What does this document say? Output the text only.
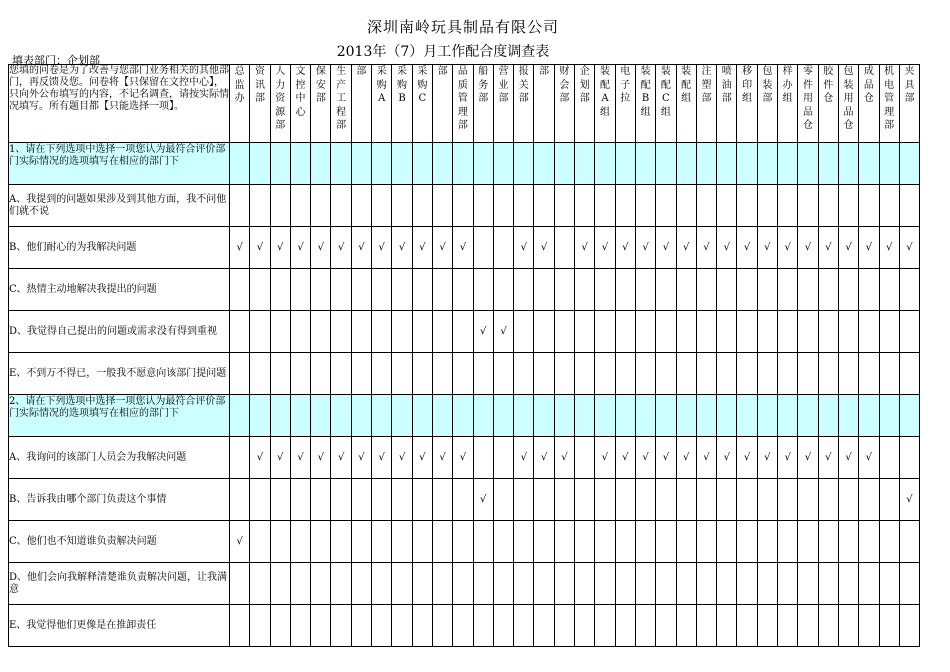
深圳南岭玩具制品有限公司
2013年（7）月工作配合度调查表
填表部门：企划部
您填的问卷是为了改善与您部门业务相关的其他部门，再反馈及您。问卷将【只保留在文控中心】，只向外公布填写的内容，不记名调查，请按实际情况填写。所有题目都【只能选择一项】。	总监办	资讯部	人力资源部	文控中心	保安部	生产工程部	部	采购A	采购B	采购C	部	品质管理部	船务部	营业部	报关部	部	财会部	企划部	装配A组	电子拉	装配B组	装配C组	装配组	注塑部	喷油部	移印组	包装部	样办组	零件用品仓	胶件仓	包装用品仓	成品仓	机电管理部	夹具部

1、请在下列选项中选择一项您认为最符合评价部门实际情况的选项填写在相应的部门下																																		
A、我提到的问题如果涉及到其他方面，我不问他们就不说																																		
B、他们耐心的为我解决问题	√	√	√	√	√	√	√	√	√	√	√	√			√	√		√	√	√	√	√	√	√	√	√	√	√	√	√	√	√	√	√
C、热情主动地解决我提出的问题																																		
D、我觉得自己提出的问题或需求没有得到重视													√	√																				
E、不到万不得已，一般我不愿意向该部门提问题																																		
2、请在下列选项中选择一项您认为最符合评价部门实际情况的选项填写在相应的部门下																																		
A、我询问的该部门人员会为我解决问题		√	√	√	√	√	√	√	√	√	√	√			√	√	√		√	√	√	√	√	√	√	√	√	√	√	√	√	√		
B、告诉我由哪个部门负责这个事情													√																					√
C、他们也不知道谁负责解决问题	√																																	
D、他们会向我解释清楚谁负责解决问题，让我满意																																		
E、我觉得他们更像是在推卸责任																																		
